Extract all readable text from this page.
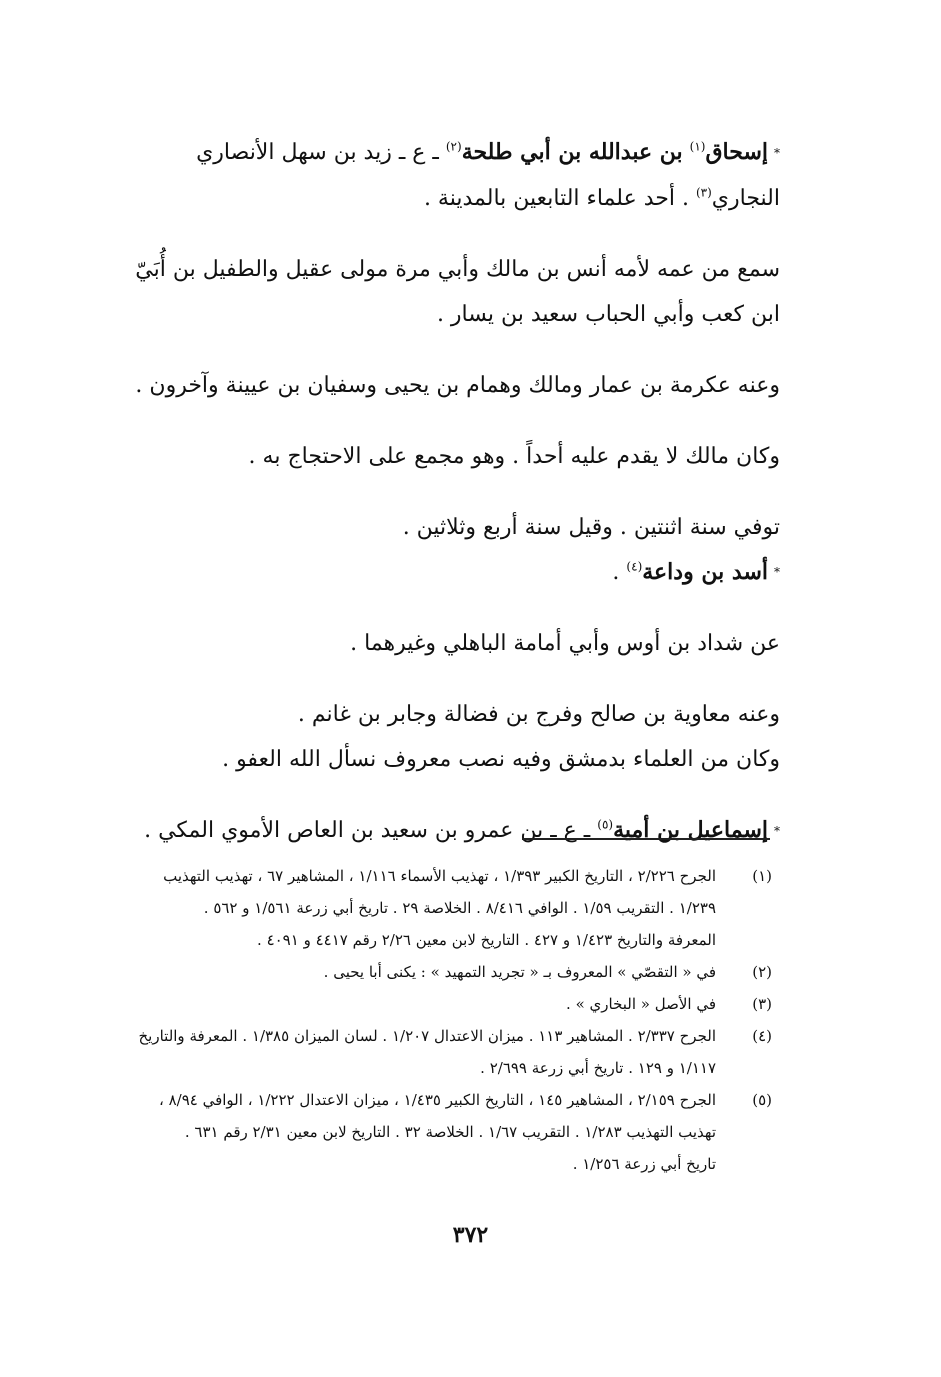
*إسحاق$^{(١)}$ بن عبدالله بن أبي طلحة$^{(٢)}$ ـ ع ـ زيد بن سهل الأنصاري

النجاري$^{(٣)}$ . أحد علماء التابعين بالمدينة .

سمع من عمه لأمه أنس بن مالك وأبي مرة مولى عقيل والطفيل بن أُبَيّ

ابن كعب وأبي الحباب سعيد بن يسار .

وعنه عكرمة بن عمار ومالك وهمام بن يحيى وسفيان بن عيينة وآخرون .

وكان مالك لا يقدم عليه أحداً . وهو مجمع على الاحتجاج به .

توفي سنة اثنتين . وقيل سنة أربع وثلاثين .

*أسد بن وداعة$^{(٤)}$ .

عن شداد بن أوس وأبي أمامة الباهلي وغيرهما .

وعنه معاوية بن صالح وفرج بن فضالة وجابر بن غانم .

وكان من العلماء بدمشق وفيه نصب معروف نسأل الله العفو .

*إسماعيل بن أمية$^{(٥)}$ ـ ع ـ بن عمرو بن سعيد بن العاص الأموي المكي .

(١)
الجرح ٢/٢٢٦ ، التاريخ الكبير ١/٣٩٣ ، تهذيب الأسماء ١/١١٦ ، المشاهير ٦٧ ، تهذيب التهذيب
١/٢٣٩ . التقريب ١/٥٩ . الوافي ٨/٤١٦ . الخلاصة ٢٩ . تاريخ أبي زرعة ١/٥٦١ و ٥٦٢ .
المعرفة والتاريخ ١/٤٢٣ و ٤٢٧ . التاريخ لابن معين ٢/٢٦ رقم ٤٤١٧ و ٤٠٩١ .
(٢)
في « التقصّي » المعروف بـ « تجريد التمهيد » : يكنى أبا يحيى .
(٣)
في الأصل « البخاري » .
(٤)
الجرح ٢/٣٣٧ . المشاهير ١١٣ . ميزان الاعتدال ١/٢٠٧ . لسان الميزان ١/٣٨٥ . المعرفة والتاريخ
١/١١٧ و ١٢٩ . تاريخ أبي زرعة ٢/٦٩٩ .
(٥)
الجرح ٢/١٥٩ ، المشاهير ١٤٥ ، التاريخ الكبير ١/٤٣٥ ، ميزان الاعتدال ١/٢٢٢ ، الوافي ٨/٩٤ ،
تهذيب التهذيب ١/٢٨٣ . التقريب ١/٦٧ . الخلاصة ٣٢ . التاريخ لابن معين ٢/٣١ رقم ٦٣١ .
تاريخ أبي زرعة ١/٢٥٦ .
٣٧٢
